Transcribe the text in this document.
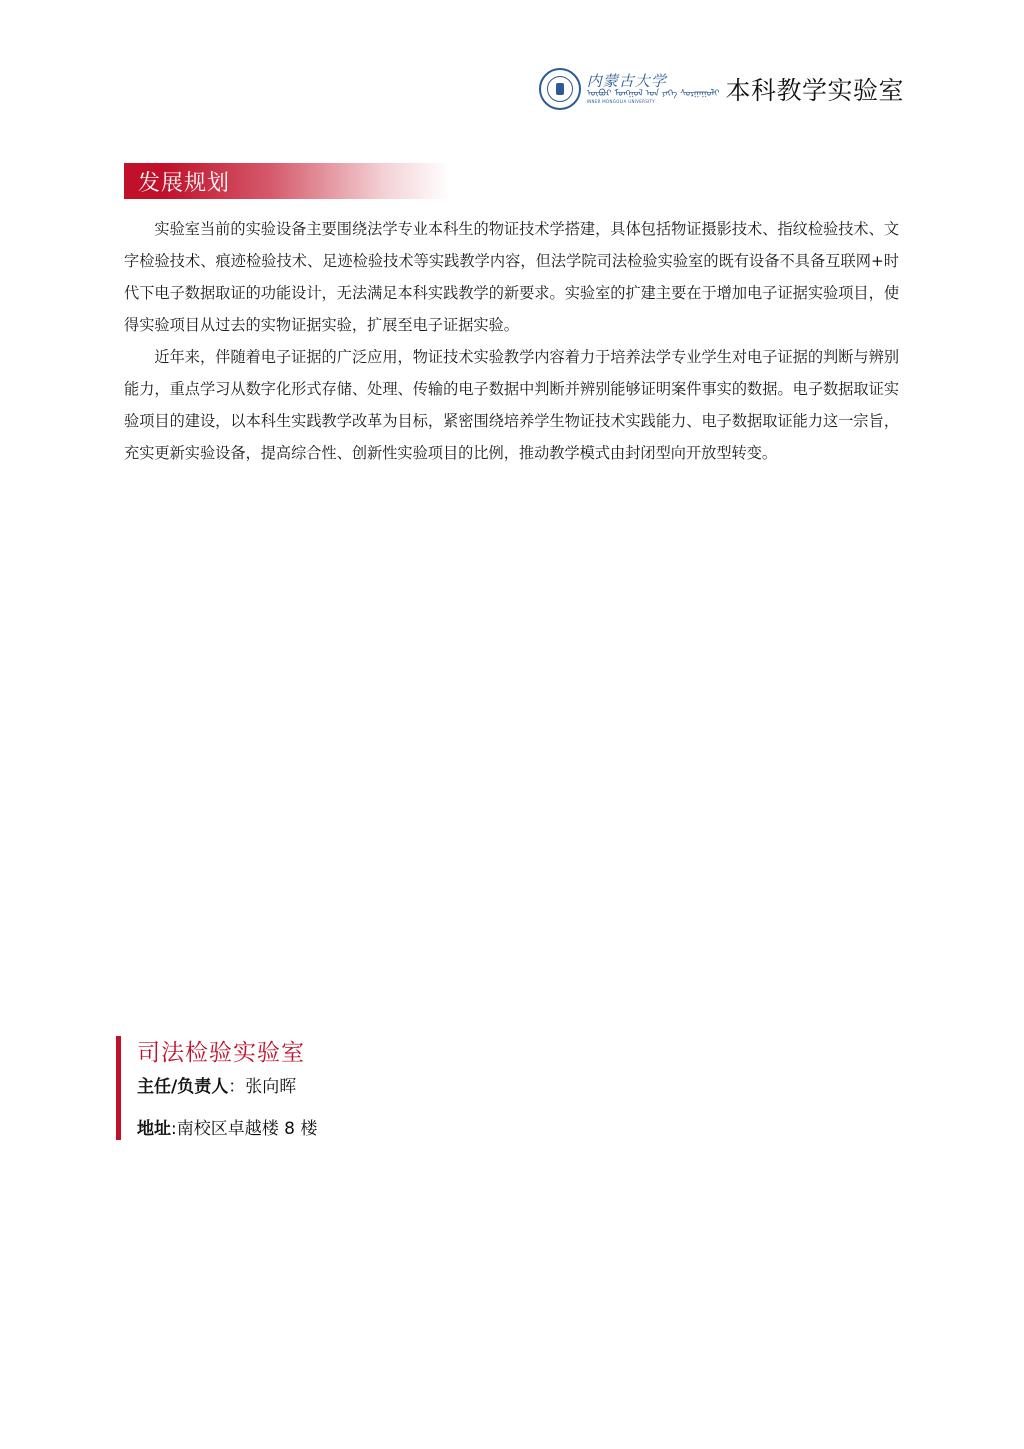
内蒙古大学
ᠦᠪᠦᠷ ᠮᠣᠩᠭᠣᠯ ᠤᠨ ᠶᠡᠭᠡ ᠰᠤᠷᠭᠠᠭᠤᠯᠢ
INNER MONGOLIA UNIVERSITY	本科教学实验室
发展规划

实验室当前的实验设备主要围绕法学专业本科生的物证技术学搭建，具体包括物证摄影技术、指纹检验技术、文字检验技术、痕迹检验技术、足迹检验技术等实践教学内容，但法学院司法检验实验室的既有设备不具备互联网+时代下电子数据取证的功能设计，无法满足本科实践教学的新要求。实验室的扩建主要在于增加电子证据实验项目，使得实验项目从过去的实物证据实验，扩展至电子证据实验。

近年来，伴随着电子证据的广泛应用，物证技术实验教学内容着力于培养法学专业学生对电子证据的判断与辨别能力，重点学习从数字化形式存储、处理、传输的电子数据中判断并辨别能够证明案件事实的数据。电子数据取证实验项目的建设，以本科生实践教学改革为目标，紧密围绕培养学生物证技术实践能力、电子数据取证能力这一宗旨，充实更新实验设备，提高综合性、创新性实验项目的比例，推动教学模式由封闭型向开放型转变。

司法检验实验室
主任/负责人：张向晖
地址:南校区卓越楼 8 楼
